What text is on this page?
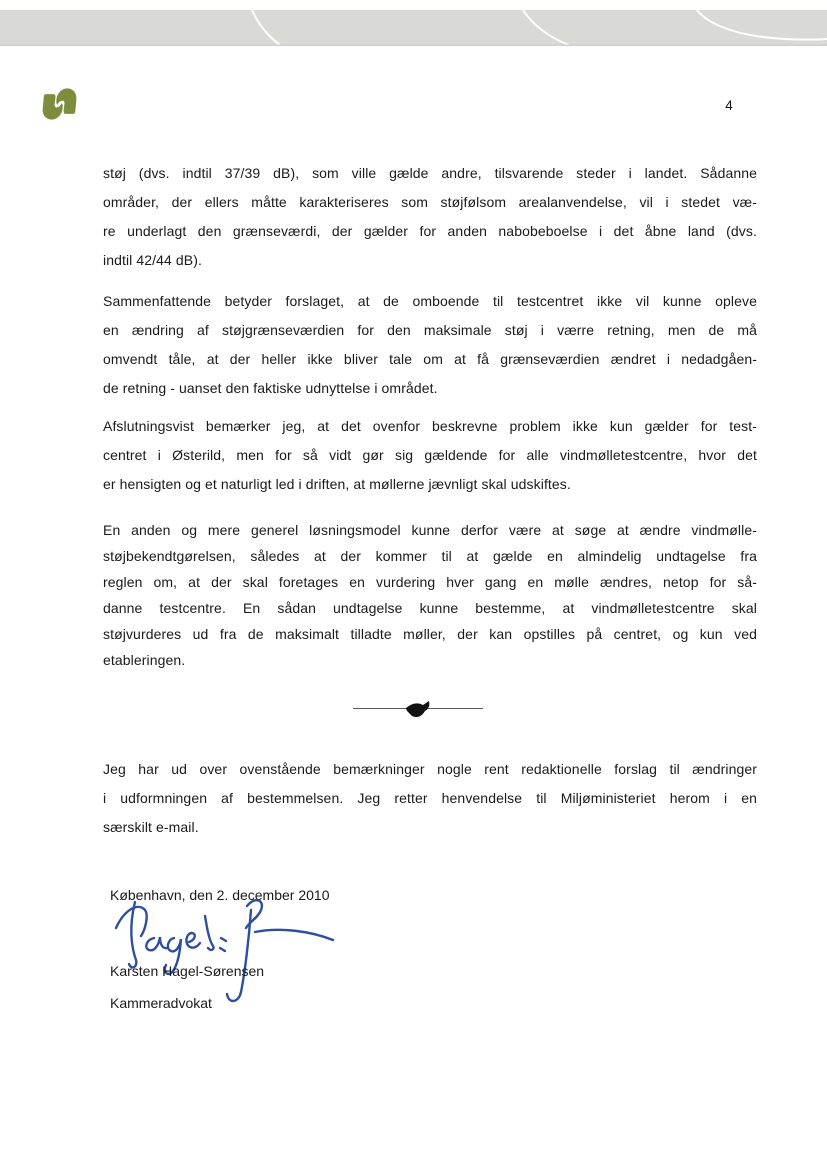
4
støj (dvs. indtil 37/39 dB), som ville gælde andre, tilsvarende steder i landet. Sådanne
områder, der ellers måtte karakteriseres som støjfølsom arealanvendelse, vil i stedet væ-
re underlagt den grænseværdi, der gælder for anden nabobeboelse i det åbne land (dvs.
indtil 42/44 dB).
Sammenfattende betyder forslaget, at de omboende til testcentret ikke vil kunne opleve
en ændring af støjgrænseværdien for den maksimale støj i værre retning, men de må
omvendt tåle, at der heller ikke bliver tale om at få grænseværdien ændret i nedadgåen-
de retning - uanset den faktiske udnyttelse i området.
Afslutningsvist bemærker jeg, at det ovenfor beskrevne problem ikke kun gælder for test-
centret i Østerild, men for så vidt gør sig gældende for alle vindmølletestcentre, hvor det
er hensigten og et naturligt led i driften, at møllerne jævnligt skal udskiftes.
En anden og mere generel løsningsmodel kunne derfor være at søge at ændre vindmølle-
støjbekendtgørelsen, således at der kommer til at gælde en almindelig undtagelse fra
reglen om, at der skal foretages en vurdering hver gang en mølle ændres, netop for så-
danne testcentre. En sådan undtagelse kunne bestemme, at vindmølletestcentre skal
støjvurderes ud fra de maksimalt tilladte møller, der kan opstilles på centret, og kun ved
etableringen.
Jeg har ud over ovenstående bemærkninger nogle rent redaktionelle forslag til ændringer
i udformningen af bestemmelsen. Jeg retter henvendelse til Miljøministeriet herom i en
særskilt e-mail.
København, den 2. december 2010
Karsten Hagel-Sørensen
Kammeradvokat
